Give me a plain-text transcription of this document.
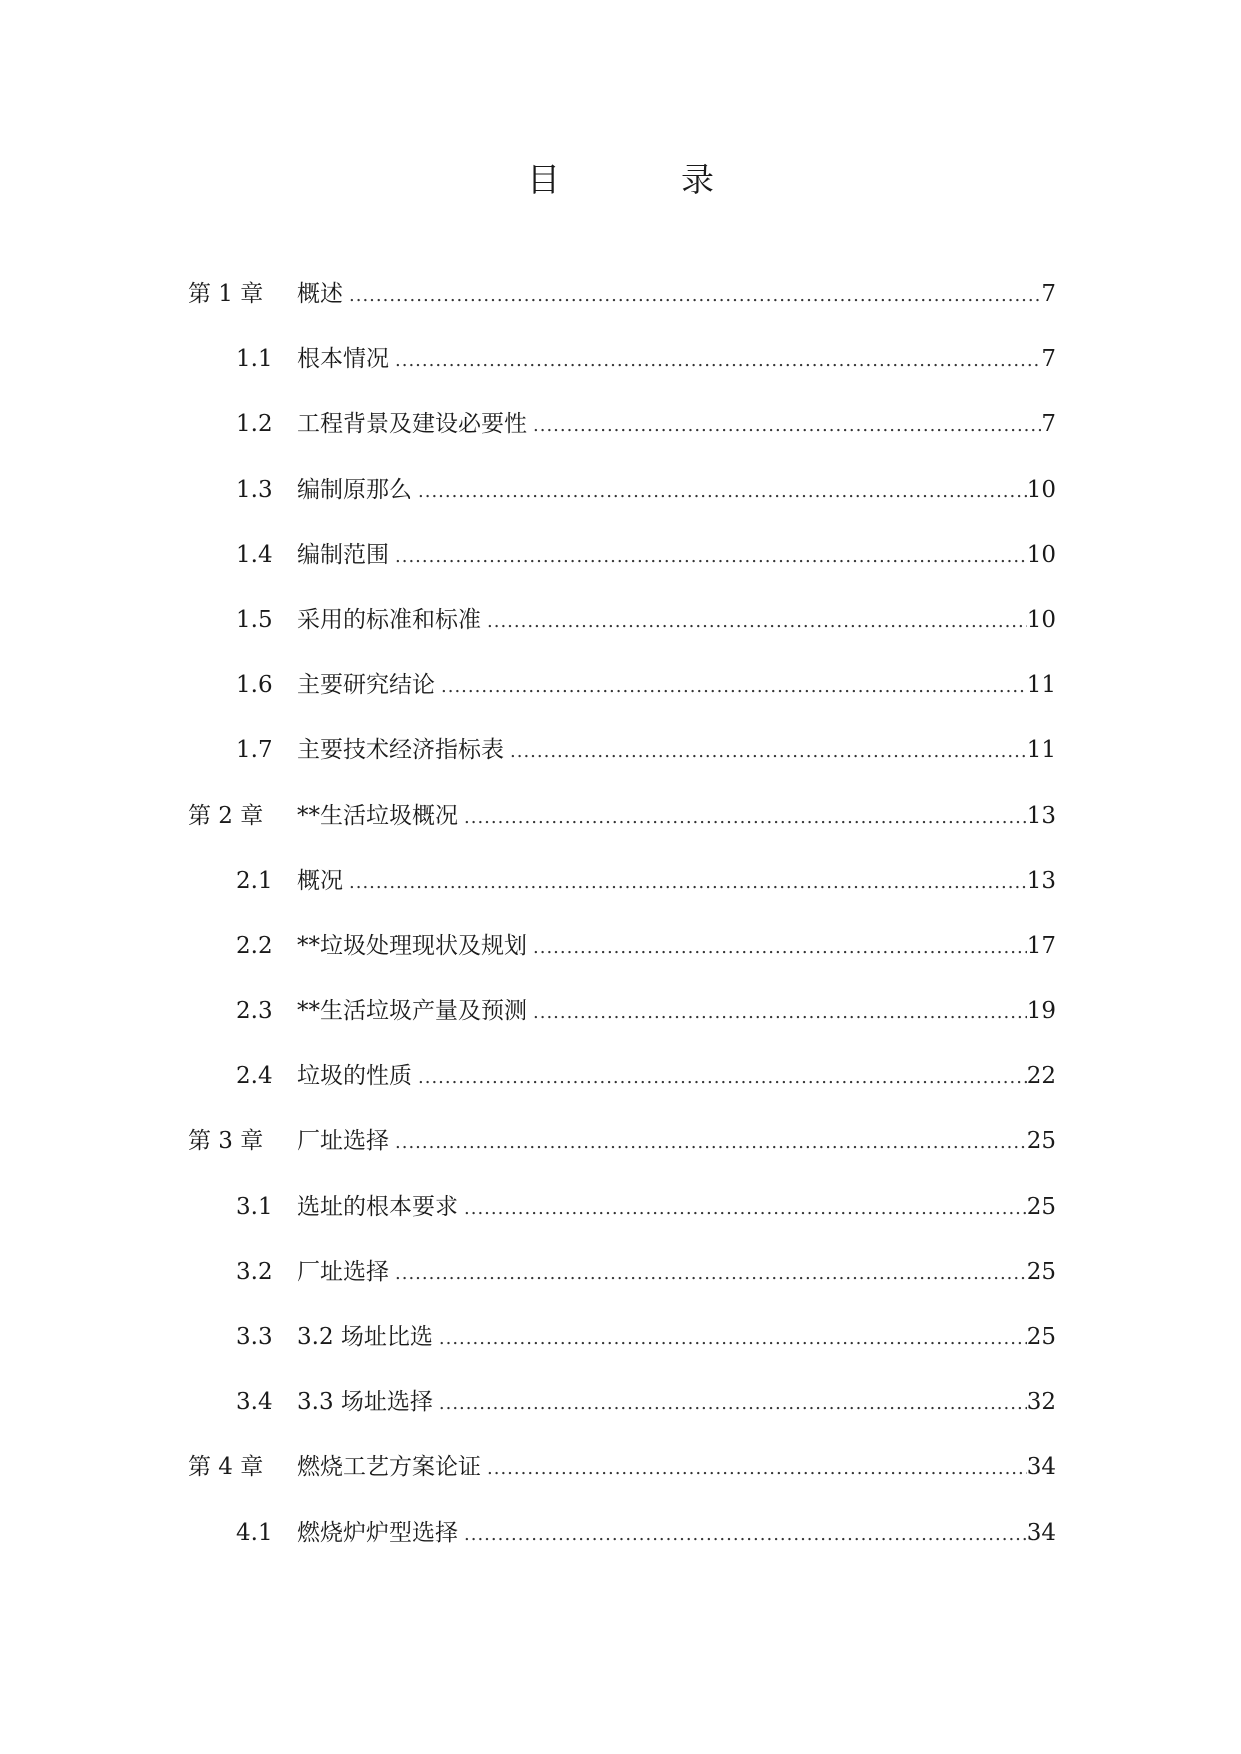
目　录
第 1 章	概述 .....	7
1.1	根本情况 .....	7
1.2	工程背景及建设必要性 .....	7
1.3	编制原那么 .....	10
1.4	编制范围 .....	10
1.5	采用的标准和标准 .....	10
1.6	主要研究结论 .....	11
1.7	主要技术经济指标表 .....	11
第 2 章	**生活垃圾概况 .....	13
2.1	概况 .....	13
2.2	**垃圾处理现状及规划 .....	17
2.3	**生活垃圾产量及预测 .....	19
2.4	垃圾的性质 .....	22
第 3 章	厂址选择 .....	25
3.1	选址的根本要求 .....	25
3.2	厂址选择 .....	25
3.3	3.2 场址比选 .....	25
3.4	3.3 场址选择 .....	32
第 4 章	燃烧工艺方案论证 .....	34
4.1	燃烧炉炉型选择 .....	34
